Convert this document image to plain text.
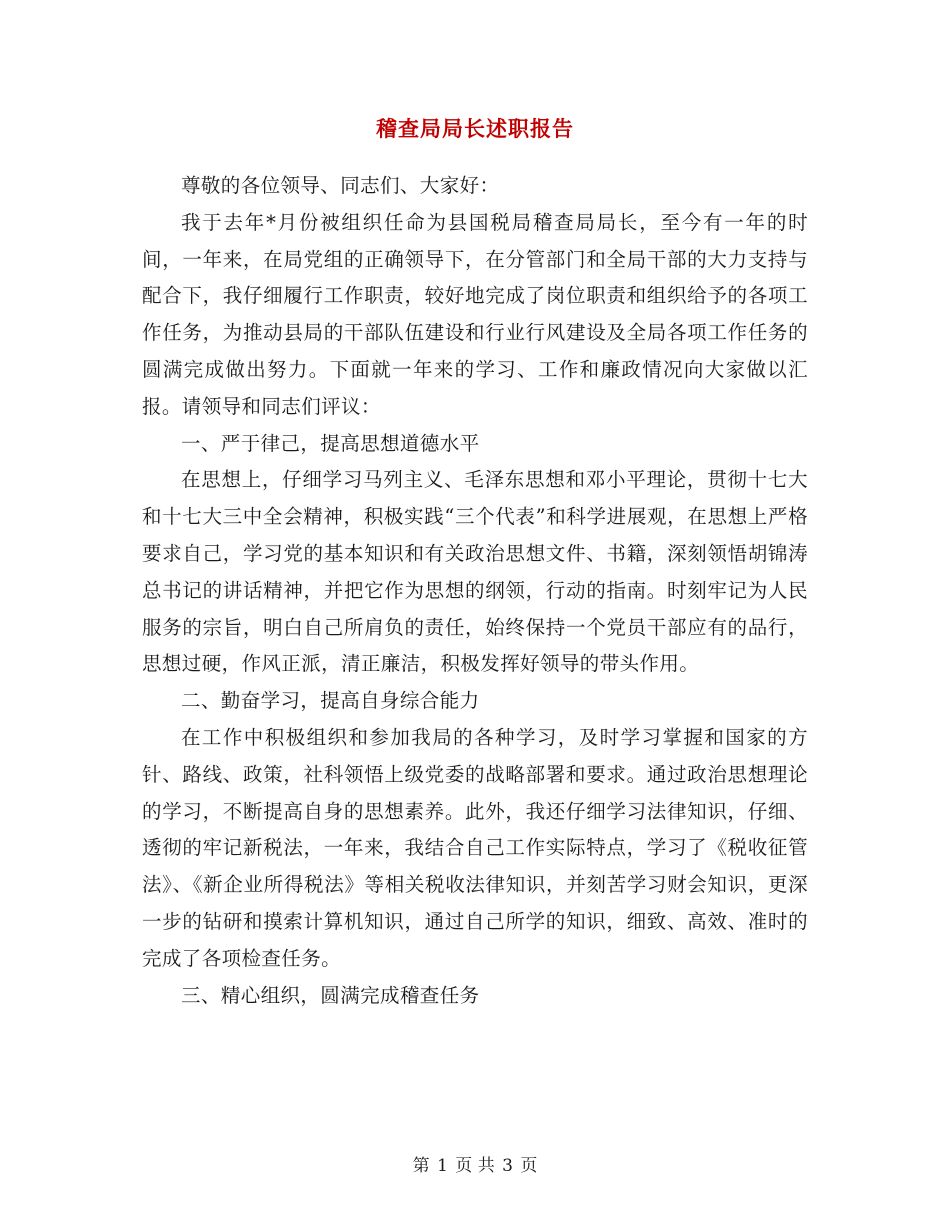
稽查局局长述职报告

尊敬的各位领导、同志们、大家好：

我于去年*月份被组织任命为县国税局稽查局局长，至今有一年的时间，一年来，在局党组的正确领导下，在分管部门和全局干部的大力支持与配合下，我仔细履行工作职责，较好地完成了岗位职责和组织给予的各项工作任务，为推动县局的干部队伍建设和行业行风建设及全局各项工作任务的圆满完成做出努力。下面就一年来的学习、工作和廉政情况向大家做以汇报。请领导和同志们评议：

一、严于律己，提高思想道德水平

在思想上，仔细学习马列主义、毛泽东思想和邓小平理论，贯彻十七大和十七大三中全会精神，积极实践“三个代表”和科学进展观，在思想上严格要求自己，学习党的基本知识和有关政治思想文件、书籍，深刻领悟胡锦涛总书记的讲话精神，并把它作为思想的纲领，行动的指南。时刻牢记为人民服务的宗旨，明白自己所肩负的责任，始终保持一个党员干部应有的品行，思想过硬，作风正派，清正廉洁，积极发挥好领导的带头作用。

二、勤奋学习，提高自身综合能力

在工作中积极组织和参加我局的各种学习，及时学习掌握和国家的方针、路线、政策，社科领悟上级党委的战略部署和要求。通过政治思想理论的学习，不断提高自身的思想素养。此外，我还仔细学习法律知识，仔细、透彻的牢记新税法，一年来，我结合自己工作实际特点，学习了《税收征管法》、《新企业所得税法》等相关税收法律知识，并刻苦学习财会知识，更深一步的钻研和摸索计算机知识，通过自己所学的知识，细致、高效、准时的完成了各项检查任务。

三、精心组织，圆满完成稽查任务

第 1 页 共 3 页
